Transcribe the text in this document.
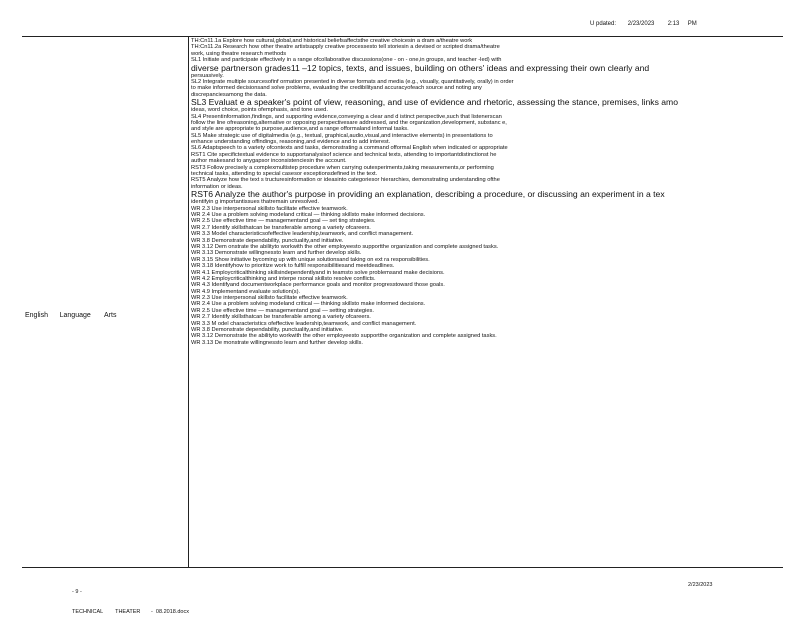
U pdated:       2/23/2023        2:13     PM
English      Language       Arts
TH:Cn11.1a Explore how cultural,global,and historical beliefsaffectsthe creative choicesin a dram a/theatre work
TH:Cn11.2a Research how other theatre artistsapply creative processesto tell storiesin a devised or scripted drama/theatre
work, using theatre research methods
SL1 Initiate and participate effectively in a range ofcollaborative discussions(one - on - one,in groups, and teacher -led) with
diverse partnerson grades11 –12 topics, texts, and issues, building on others' ideas and expressing their own clearly and
persuasively.
SL2 Integrate multiple sourcesofinf ormation presented in diverse formats and media (e.g., visually, quantitatively, orally) in order
to make informed decisionsand solve problems, evaluating the credibilityand accuracyofeach source and noting any
discrepanciesamong the data.
SL3 Evaluat e a speaker's point of view, reasoning, and use of evidence and rhetoric, assessing the stance, premises, links amo
ideas, word choice, points ofemphasis, and tone used.
SL4 Presentinformation,findings, and supporting evidence,conveying a clear and d istinct perspective,such that listenerscan
follow the line ofreasoning,alternative or opposing perspectivesare addressed, and the organization,development, substanc e,
and style are appropriate to purpose,audience,and a range offormaland informal tasks.
SL5 Make strategic use of digitalmedia (e.g., textual, graphical,audio,visual,and interactive elements) in presentations to
enhance understanding offindings, reasoning,and evidence and to add interest.
SL6 Adaptspeech to a variety ofcontexts and tasks, demonstrating a command offormal English when indicated or appropriate
RST1 Cite specifictextual evidence to supportanalysisof science and technical texts, attending to importantdistinctionst he
author makesand to anygapsor inconsistenciesin the account.
RST3 Follow precisely a complexmultistep procedure when carrying outexperiments,taking measurements,or performing
technical tasks, attending to special casesor exceptionsdefined in the text.
RST5 Analyze how the text s tructuresinformation or ideasinto categoriesor hierarchies, demonstrating understanding ofthe
information or ideas.
RST6 Analyze the author's purpose in providing an explanation, describing a procedure, or discussing an experiment in a tex
identifyin g importantissues thatremain unresolved.
WR 2.3 Use interpersonal skillsto facilitate effective teamwork.
WR 2.4 Use a problem solving modeland critical — thinking skillsto make informed decisions.
WR 2.5 Use effective time — managementand goal — set ting strategies.
WR 2.7 Identify skillsthatcan be transferable among a variety ofcareers.
WR 3.3 Model characteristicsofeffective leadership,teamwork, and conflict management.
WR 3.8 Demonstrate dependability, punctuality,and initiative.
WR 3.12 Dem onstrate the abilityto workwith the other employeesto supportthe organization and complete assigned tasks.
WR 3.13 Demonstrate willingnessto learn and further develop skills.
WR 3.15 Show initiative bycoming up with unique solutionsand taking on ext ra responsibilities.
WR 3.18 Identifyhow to prioritize work to fulfill responsibilitiesand meetdeadlines.
WR 4.1 Employcriticalthinking skillsindependentlyand in teamsto solve problemsand make decisions.
WR 4.2 Employcriticalthinking and interpe rsonal skillsto resolve conflicts.
WR 4.3 Identifyand documentworkplace performance goals and monitor progresstoward those goals.
WR 4.9 Implementand evaluate solution(s).
WR 2.3 Use interpersonal skillsto facilitate effective teamwork.
WR 2.4 Use a problem solving modeland critical — thinking skillsto make informed decisions.
WR 2.5 Use effective time — managementand goal — setting strategies.
WR 2.7 Identify skillsthatcan be transferable among a variety ofcareers.
WR 3.3 M odel characteristics ofeffective leadership,teamwork, and conflict management.
WR 3.8 Demonstrate dependability, punctuality,and initiative.
WR 3.12 Demonstrate the abilityto workwith the other employeesto supportthe organization and complete assigned tasks.
WR 3.13 De monstrate willingnessto learn and further develop skills.

- 9 -

TECHNICAL        THEATER       -  08.2018.docx

2/23/2023
